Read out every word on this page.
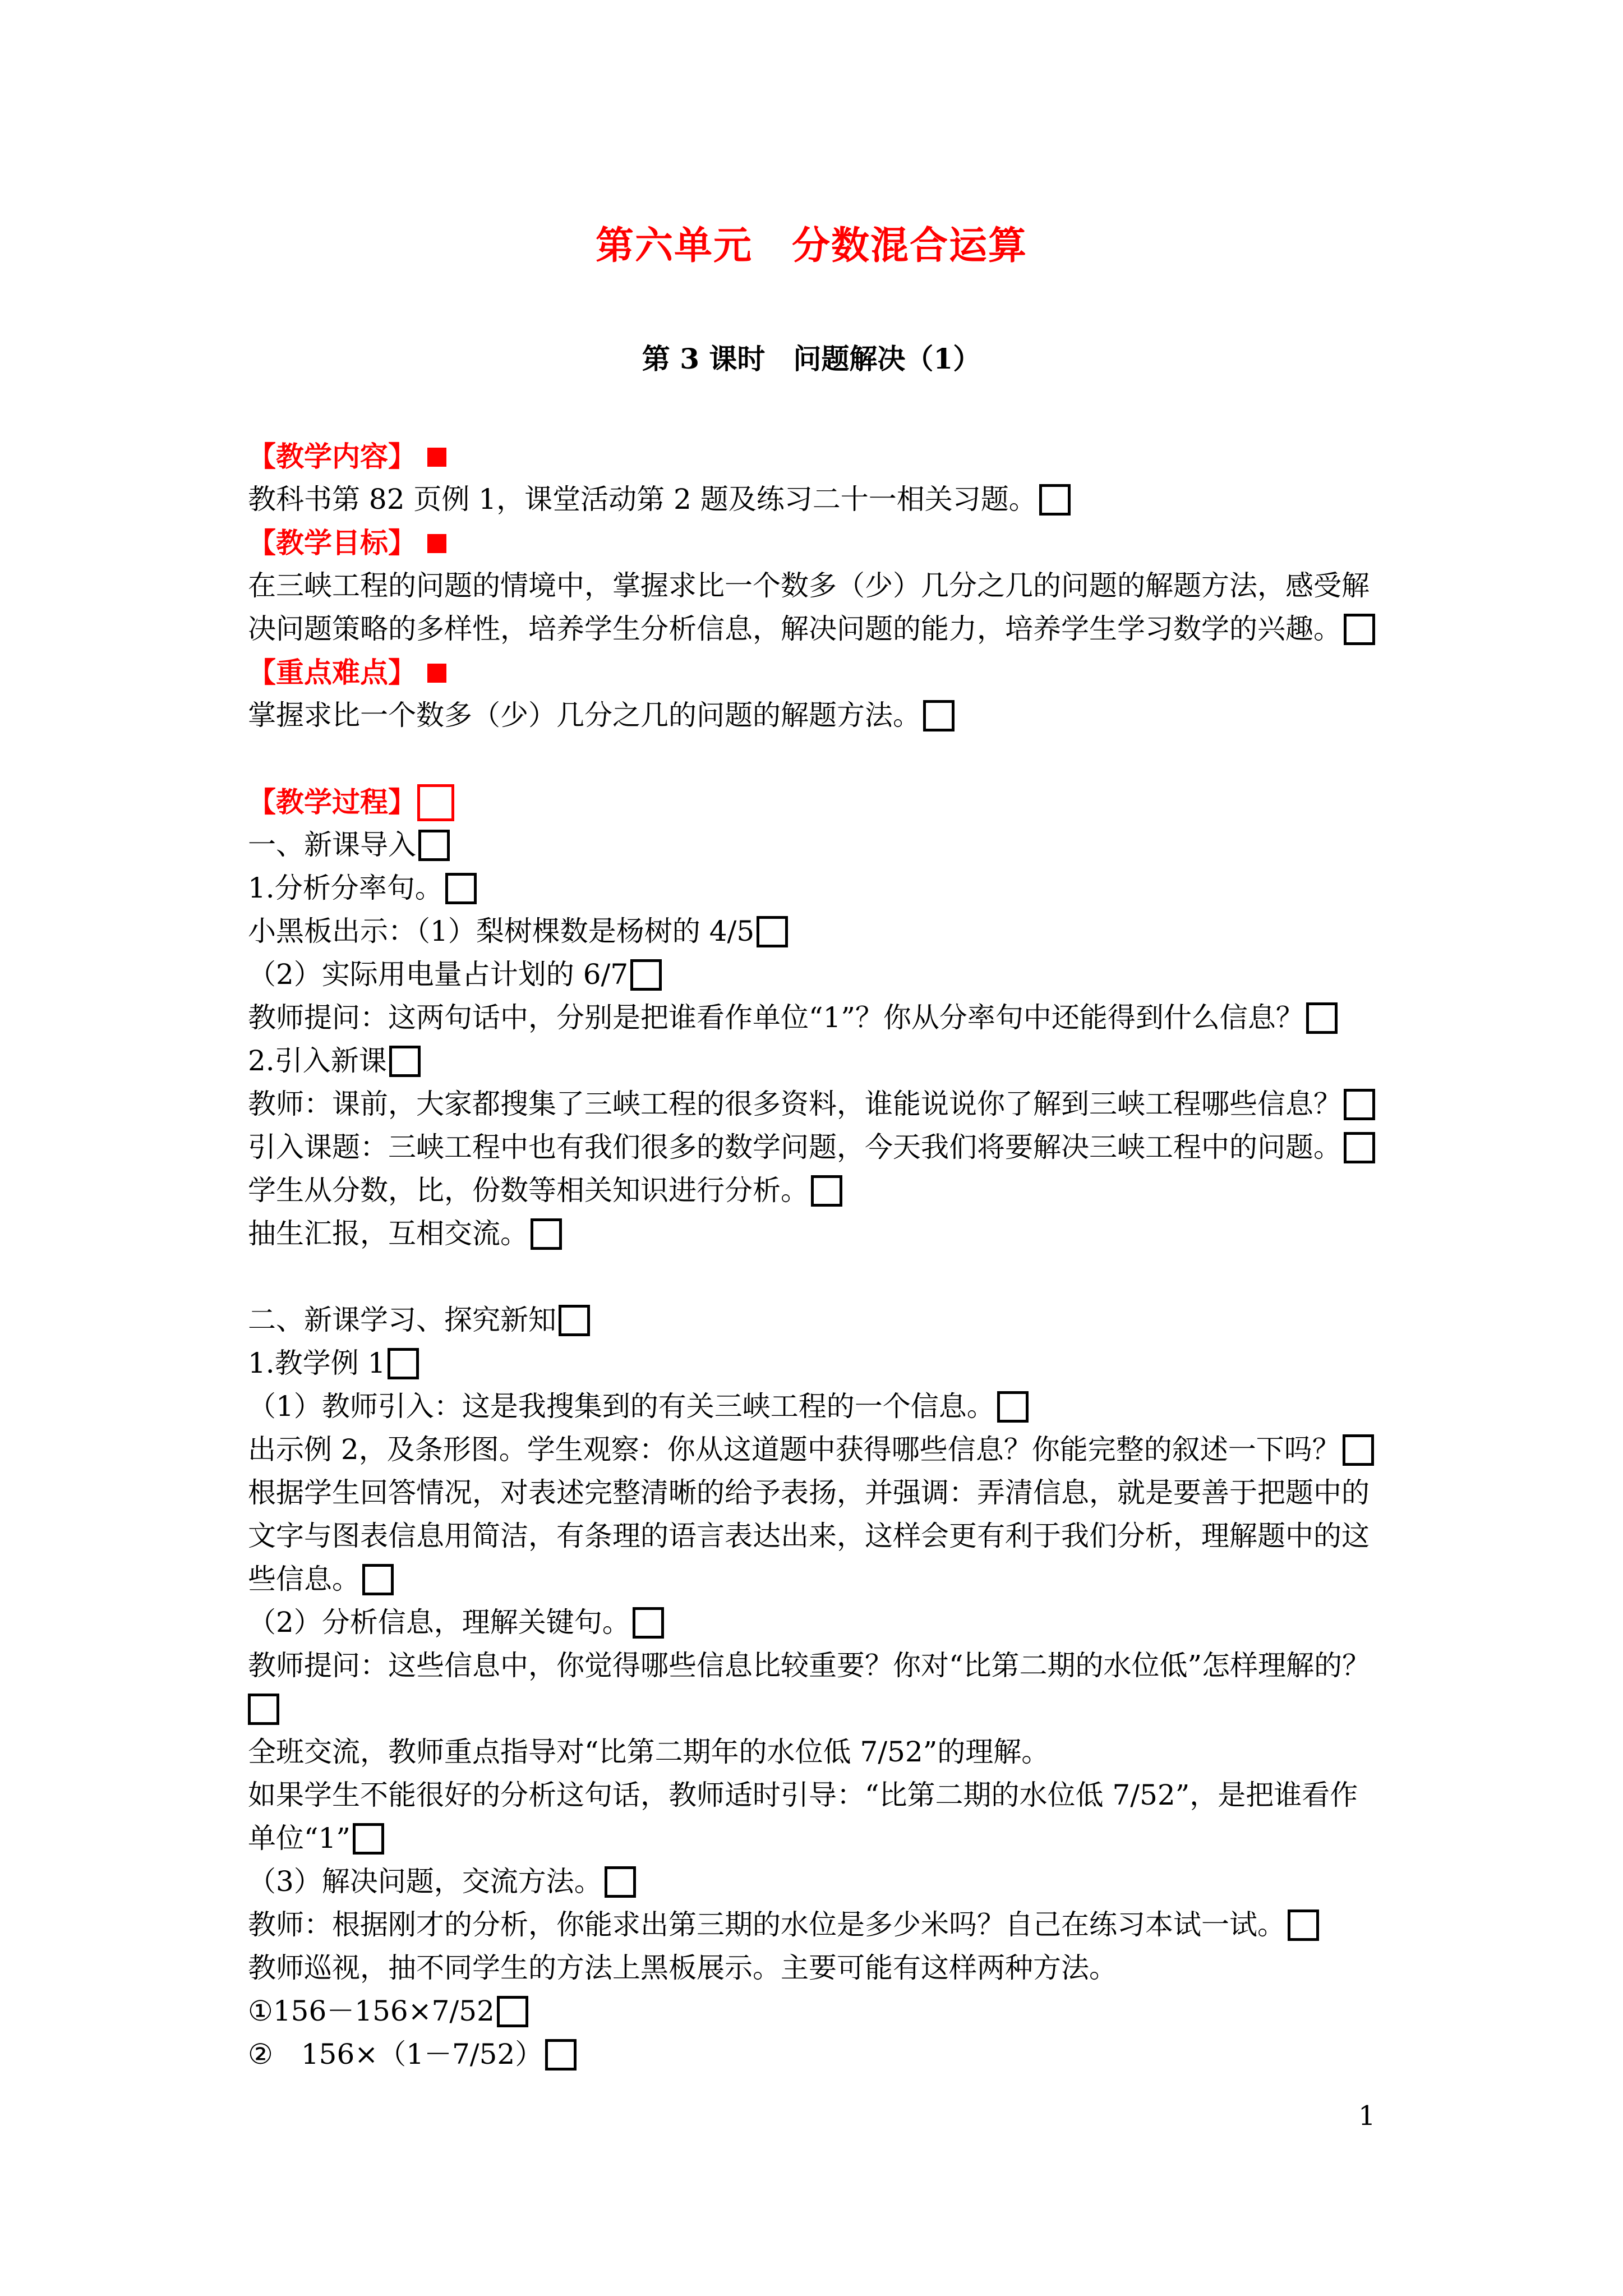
第六单元　分数混合运算
第 3 课时　问题解决（1）
【教学内容】
教科书第 82 页例 1，课堂活动第 2 题及练习二十一相关习题。
【教学目标】
在三峡工程的问题的情境中，掌握求比一个数多（少）几分之几的问题的解题方法，感受解
决问题策略的多样性，培养学生分析信息，解决问题的能力，培养学生学习数学的兴趣。
【重点难点】
掌握求比一个数多（少）几分之几的问题的解题方法。
【教学过程】
一、新课导入
1.分析分率句。
小黑板出示：（1）梨树棵数是杨树的 4/5
（2）实际用电量占计划的 6/7
教师提问：这两句话中，分别是把谁看作单位“1”？你从分率句中还能得到什么信息？
2.引入新课
教师：课前，大家都搜集了三峡工程的很多资料，谁能说说你了解到三峡工程哪些信息？
引入课题：三峡工程中也有我们很多的数学问题，今天我们将要解决三峡工程中的问题。
学生从分数，比，份数等相关知识进行分析。
抽生汇报，互相交流。
二、新课学习、探究新知
1.教学例 1
（1）教师引入：这是我搜集到的有关三峡工程的一个信息。
出示例 2，及条形图。学生观察：你从这道题中获得哪些信息？你能完整的叙述一下吗？
根据学生回答情况，对表述完整清晰的给予表扬，并强调：弄清信息，就是要善于把题中的
文字与图表信息用简洁，有条理的语言表达出来，这样会更有利于我们分析，理解题中的这
些信息。
（2）分析信息，理解关键句。
教师提问：这些信息中，你觉得哪些信息比较重要？你对“比第二期的水位低”怎样理解的？
全班交流，教师重点指导对“比第二期年的水位低 7/52”的理解。
如果学生不能很好的分析这句话，教师适时引导：“比第二期的水位低 7/52”，是把谁看作
单位“1”
（3）解决问题，交流方法。
教师：根据刚才的分析，你能求出第三期的水位是多少米吗？自己在练习本试一试。
教师巡视，抽不同学生的方法上黑板展示。主要可能有这样两种方法。
①156－156×7/52
②　156×（1－7/52）
1
